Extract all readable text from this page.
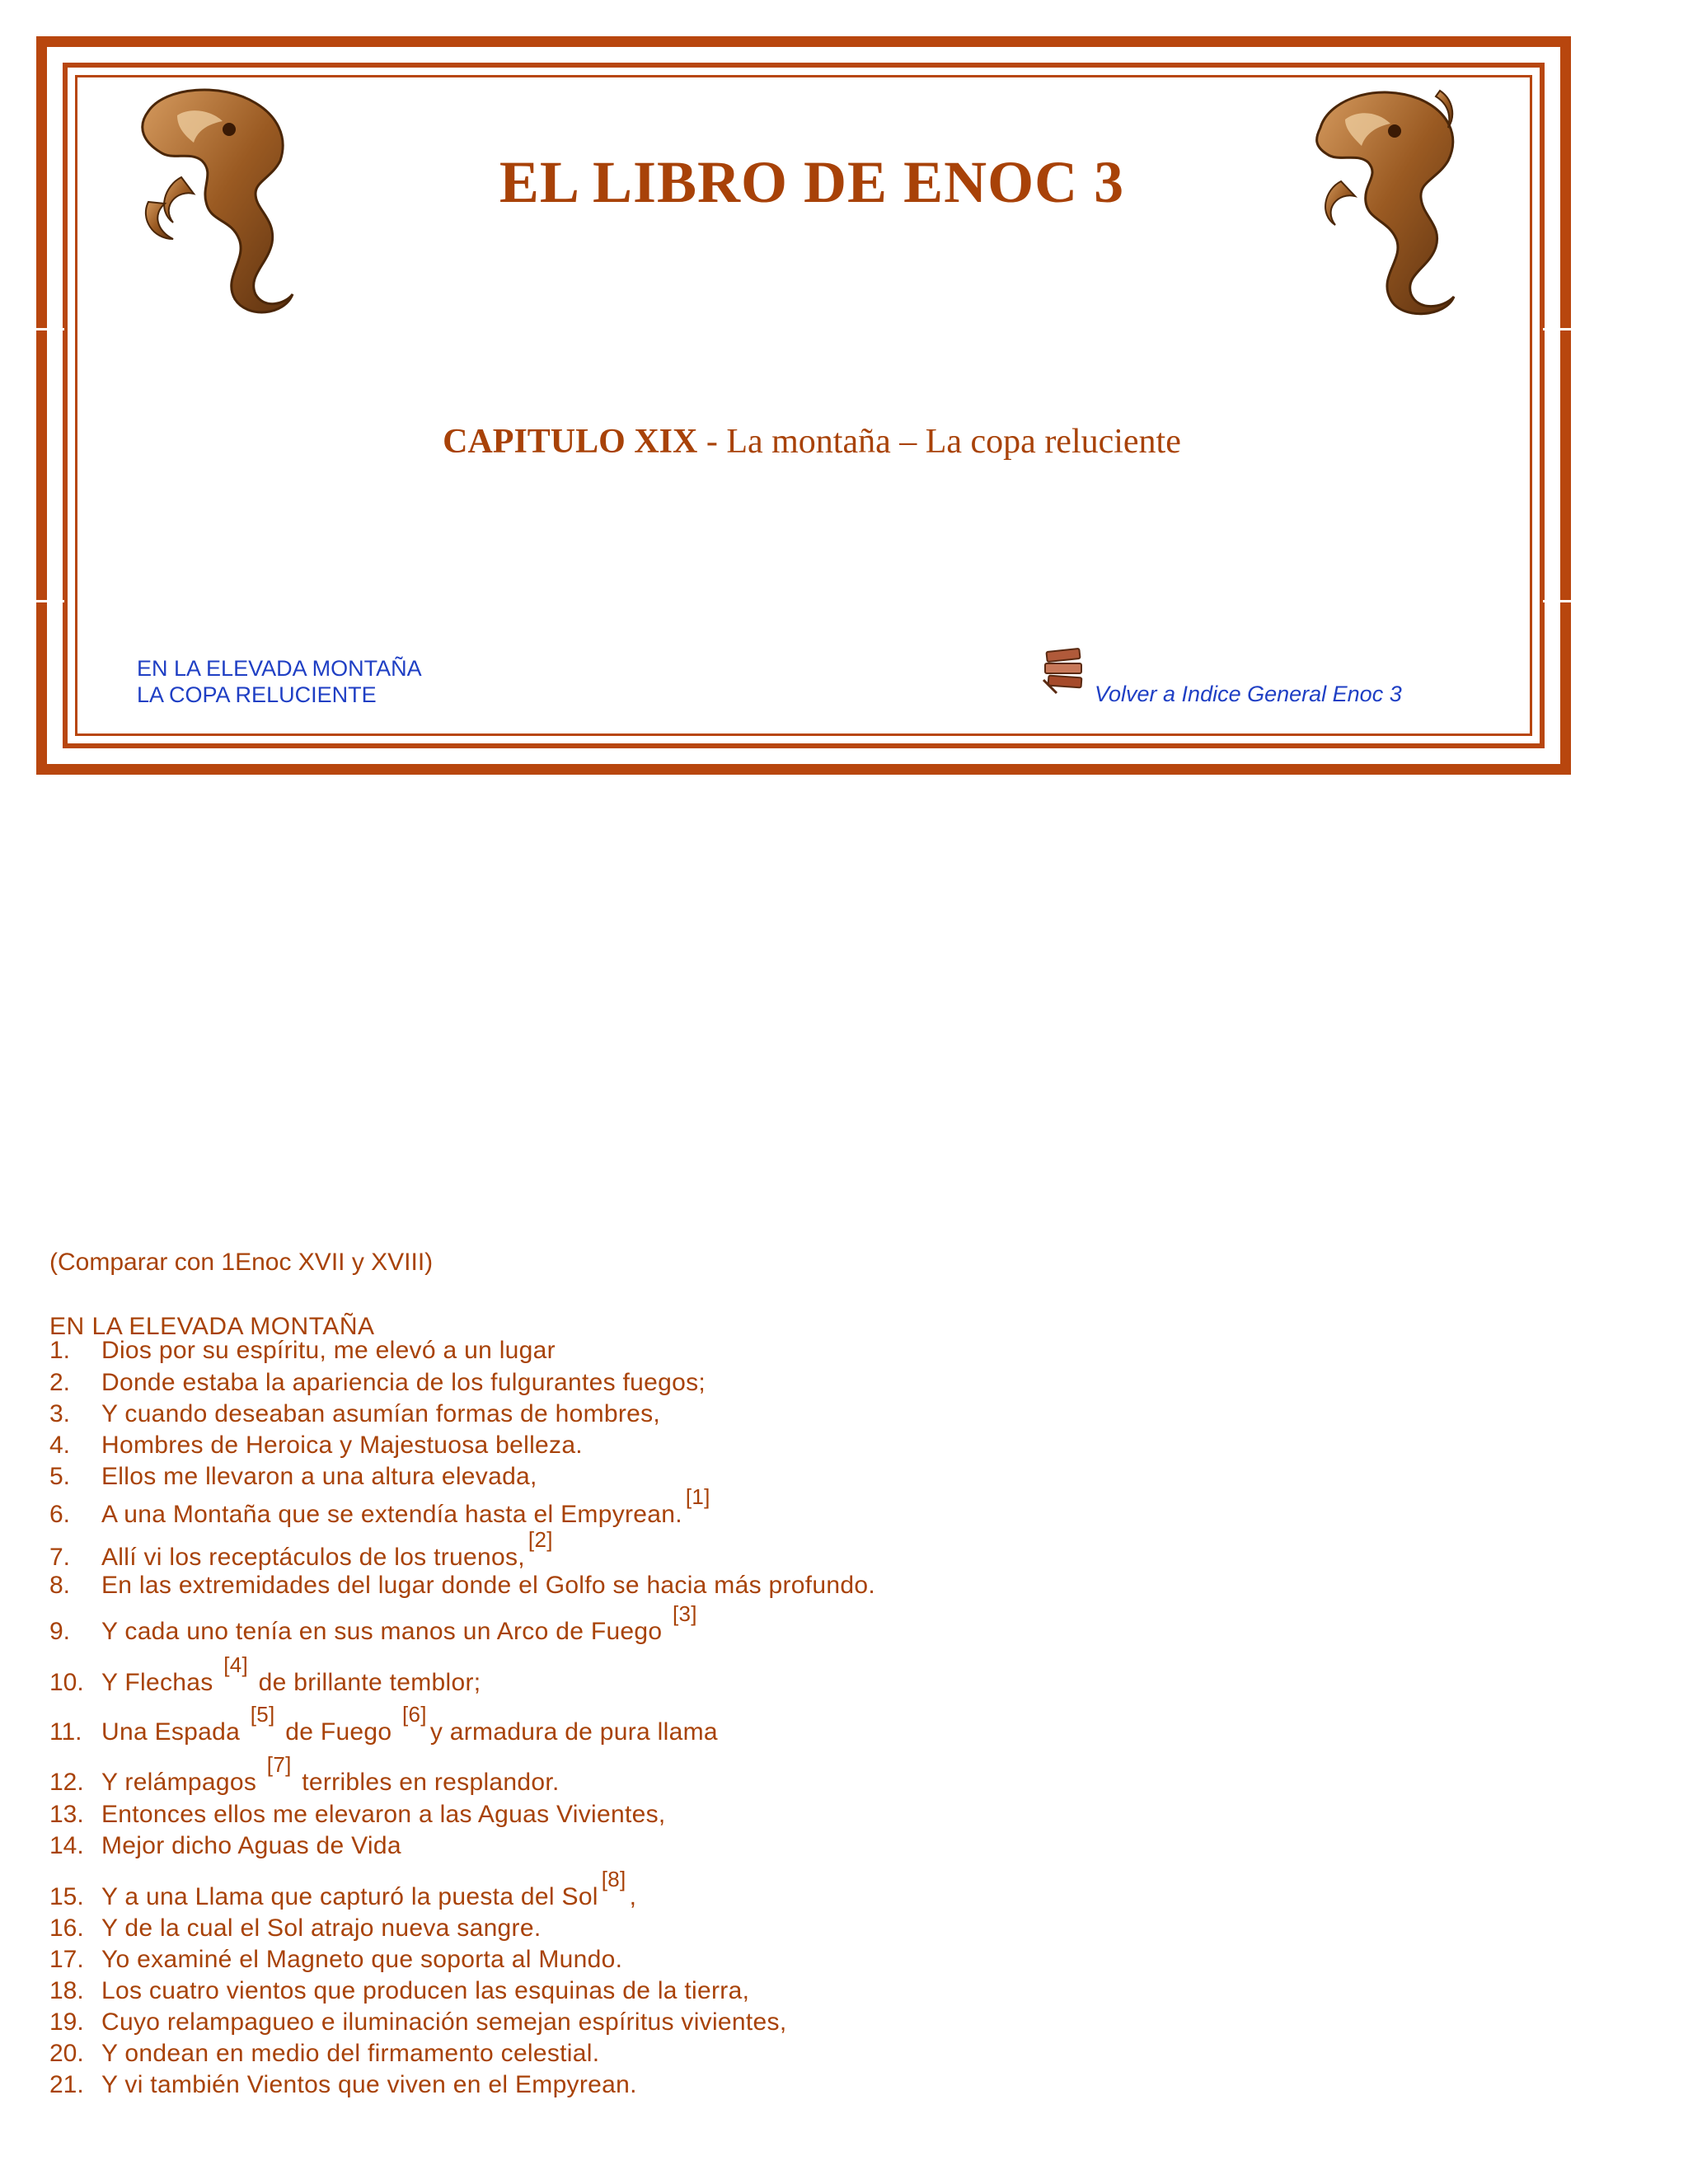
EL LIBRO DE ENOC 3
CAPITULO XIX - La montaña – La copa reluciente
EN LA ELEVADA MONTAÑA
LA COPA RELUCIENTE	Volver a Indice General Enoc 3
(Comparar con 1Enoc XVII y XVIII)
EN LA ELEVADA MONTAÑA
1.	Dios por su espíritu, me elevó a un lugar
2.	Donde estaba la apariencia de los fulgurantes fuegos;
3.	Y cuando deseaban asumían formas de hombres,
4.	Hombres de Heroica y Majestuosa belleza.
5.	Ellos me llevaron a una altura elevada,
6.	A una Montaña que se extendía hasta el Empyrean.[1]
7.	Allí vi los receptáculos de los truenos,[2]
8.	En las extremidades del lugar donde el Golfo se hacia más profundo.
9.	Y cada uno tenía en sus manos un Arco de Fuego [3]
10. Y Flechas [4] de brillante temblor;
11. Una Espada [5] de Fuego [6]y armadura de pura llama
12. Y relámpagos [7] terribles en resplandor.
13. Entonces ellos me elevaron a las Aguas Vivientes,
14. Mejor dicho Aguas de Vida
15. Y a una Llama que capturó la puesta del Sol[8],
16. Y de la cual el Sol atrajo nueva sangre.
17. Yo examiné el Magneto que soporta al Mundo.
18. Los cuatro vientos que producen las esquinas de la tierra,
19. Cuyo relampagueo e iluminación semejan espíritus vivientes,
20. Y ondean en medio del firmamento celestial.
21. Y vi también Vientos que viven en el Empyrean.
